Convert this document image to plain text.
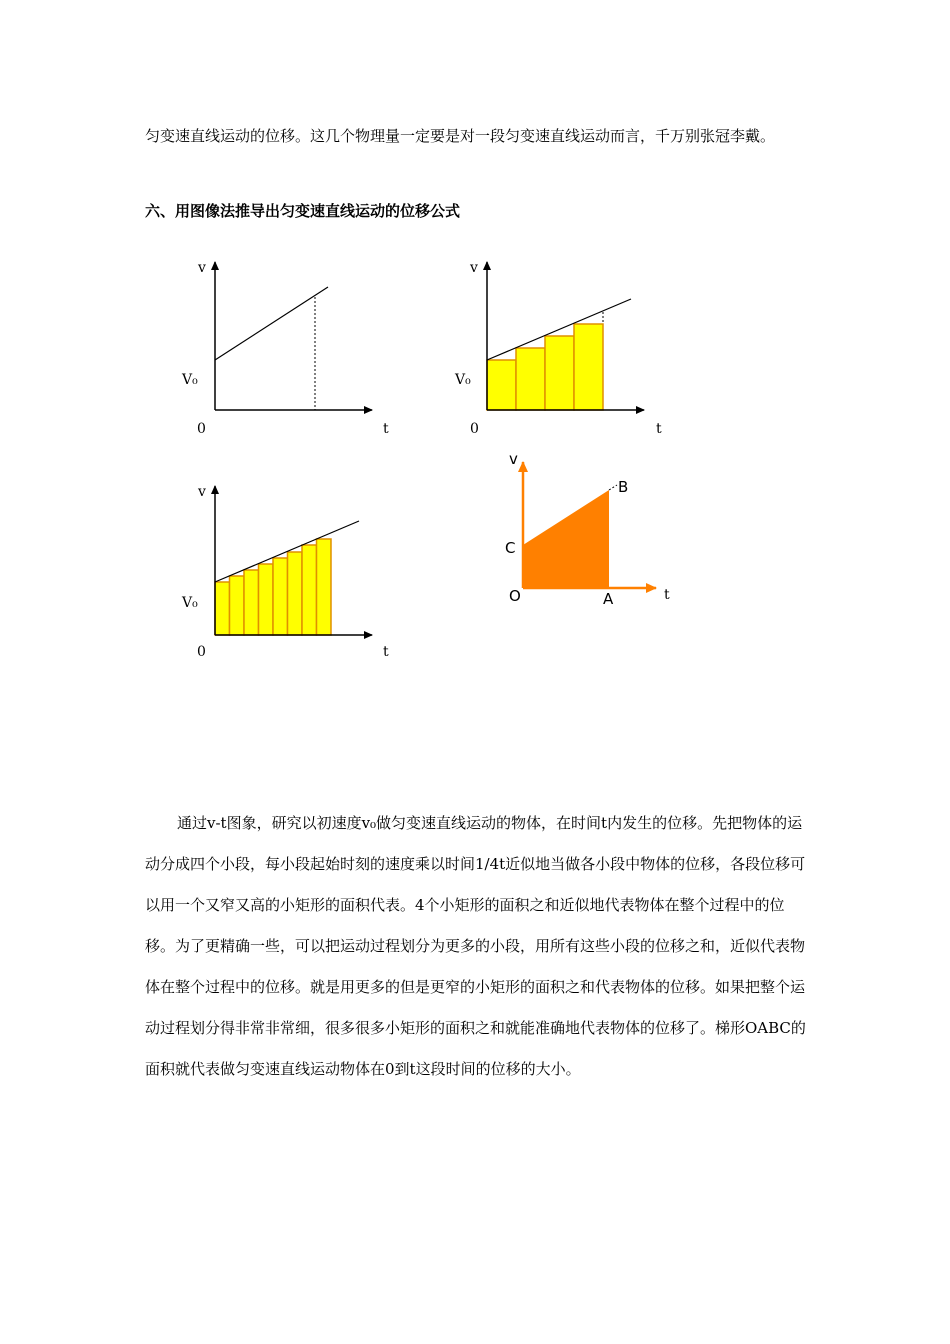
匀变速直线运动的位移。这几个物理量一定要是对一段匀变速直线运动而言，千万别张冠李戴。

六、用图像法推导出匀变速直线运动的位移公式
v
V₀
0	t
v
V₀
0	t
v
V₀
0	t
v
B
C
O	A	t

通过v-t图象，研究以初速度v₀做匀变速直线运动的物体，在时间t内发生的位移。先把物体的运动分成四个小段，每小段起始时刻的速度乘以时间1/4t近似地当做各小段中物体的位移，各段位移可以用一个又窄又高的小矩形的面积代表。4个小矩形的面积之和近似地代表物体在整个过程中的位移。为了更精确一些，可以把运动过程划分为更多的小段，用所有这些小段的位移之和，近似代表物体在整个过程中的位移。就是用更多的但是更窄的小矩形的面积之和代表物体的位移。如果把整个运动过程划分得非常非常细，很多很多小矩形的面积之和就能准确地代表物体的位移了。梯形OABC的面积就代表做匀变速直线运动物体在0到t这段时间的位移的大小。
